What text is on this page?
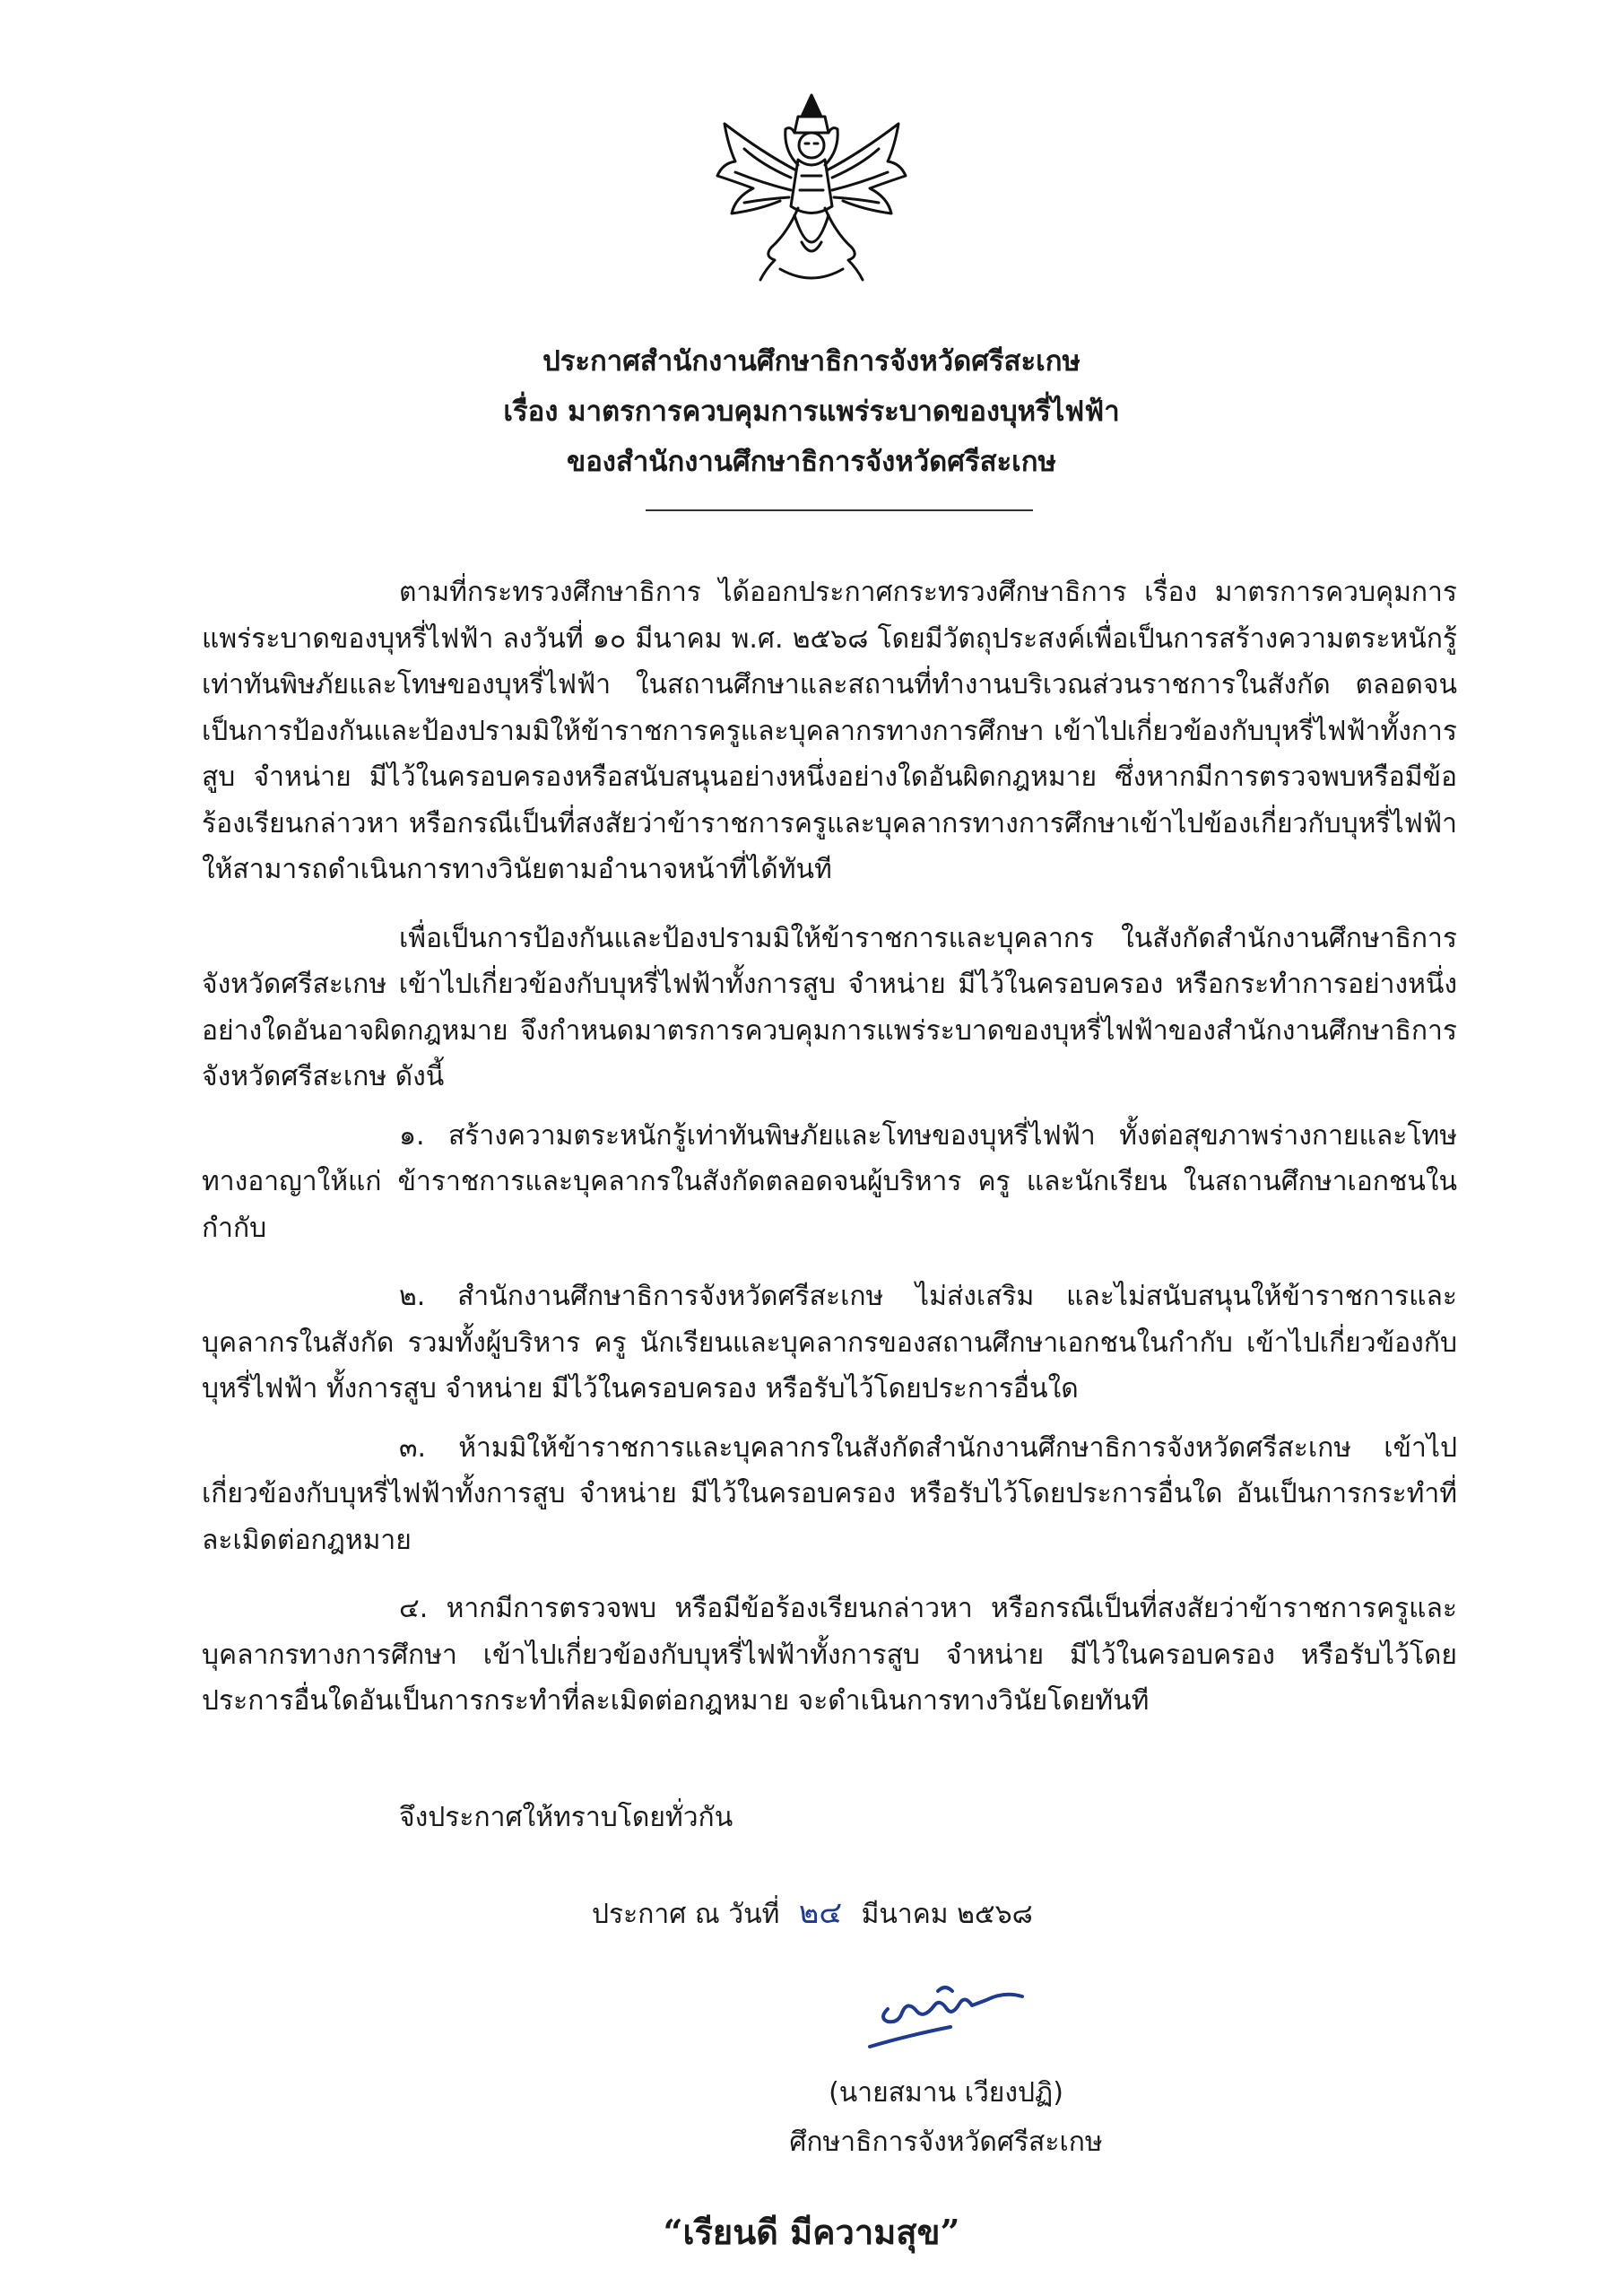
ประกาศสำนักงานศึกษาธิการจังหวัดศรีสะเกษ
เรื่อง มาตรการควบคุมการแพร่ระบาดของบุหรี่ไฟฟ้า
ของสำนักงานศึกษาธิการจังหวัดศรีสะเกษ

ตามที่กระทรวงศึกษาธิการ ได้ออกประกาศกระทรวงศึกษาธิการ เรื่อง มาตรการควบคุมการแพร่ระบาดของบุหรี่ไฟฟ้า ลงวันที่ ๑๐ มีนาคม พ.ศ. ๒๕๖๘ โดยมีวัตถุประสงค์เพื่อเป็นการสร้างความตระหนักรู้เท่าทันพิษภัยและโทษของบุหรี่ไฟฟ้า ในสถานศึกษาและสถานที่ทำงานบริเวณส่วนราชการในสังกัด ตลอดจนเป็นการป้องกันและป้องปรามมิให้ข้าราชการครูและบุคลากรทางการศึกษา เข้าไปเกี่ยวข้องกับบุหรี่ไฟฟ้าทั้งการสูบ จำหน่าย มีไว้ในครอบครองหรือสนับสนุนอย่างหนึ่งอย่างใดอันผิดกฎหมาย ซึ่งหากมีการตรวจพบหรือมีข้อร้องเรียนกล่าวหา หรือกรณีเป็นที่สงสัยว่าข้าราชการครูและบุคลากรทางการศึกษาเข้าไปข้องเกี่ยวกับบุหรี่ไฟฟ้า ให้สามารถดำเนินการทางวินัยตามอำนาจหน้าที่ได้ทันที

เพื่อเป็นการป้องกันและป้องปรามมิให้ข้าราชการและบุคลากร ในสังกัดสำนักงานศึกษาธิการจังหวัดศรีสะเกษ เข้าไปเกี่ยวข้องกับบุหรี่ไฟฟ้าทั้งการสูบ จำหน่าย มีไว้ในครอบครอง หรือกระทำการอย่างหนึ่งอย่างใดอันอาจผิดกฎหมาย จึงกำหนดมาตรการควบคุมการแพร่ระบาดของบุหรี่ไฟฟ้าของสำนักงานศึกษาธิการจังหวัดศรีสะเกษ ดังนี้

๑. สร้างความตระหนักรู้เท่าทันพิษภัยและโทษของบุหรี่ไฟฟ้า ทั้งต่อสุขภาพร่างกายและโทษทางอาญาให้แก่ ข้าราชการและบุคลากรในสังกัดตลอดจนผู้บริหาร ครู และนักเรียน ในสถานศึกษาเอกชนในกำกับ

๒. สำนักงานศึกษาธิการจังหวัดศรีสะเกษ ไม่ส่งเสริม และไม่สนับสนุนให้ข้าราชการและบุคลากรในสังกัด รวมทั้งผู้บริหาร ครู นักเรียนและบุคลากรของสถานศึกษาเอกชนในกำกับ เข้าไปเกี่ยวข้องกับบุหรี่ไฟฟ้า ทั้งการสูบ จำหน่าย มีไว้ในครอบครอง หรือรับไว้โดยประการอื่นใด

๓. ห้ามมิให้ข้าราชการและบุคลากรในสังกัดสำนักงานศึกษาธิการจังหวัดศรีสะเกษ เข้าไปเกี่ยวข้องกับบุหรี่ไฟฟ้าทั้งการสูบ จำหน่าย มีไว้ในครอบครอง หรือรับไว้โดยประการอื่นใด อันเป็นการกระทำที่ละเมิดต่อกฎหมาย

๔. หากมีการตรวจพบ หรือมีข้อร้องเรียนกล่าวหา หรือกรณีเป็นที่สงสัยว่าข้าราชการครูและบุคลากรทางการศึกษา เข้าไปเกี่ยวข้องกับบุหรี่ไฟฟ้าทั้งการสูบ จำหน่าย มีไว้ในครอบครอง หรือรับไว้โดยประการอื่นใดอันเป็นการกระทำที่ละเมิดต่อกฎหมาย จะดำเนินการทางวินัยโดยทันที

จึงประกาศให้ทราบโดยทั่วกัน
ประกาศ ณ วันที่ ๒๔ มีนาคม ๒๕๖๘
(นายสมาน เวียงปฏิ)
ศึกษาธิการจังหวัดศรีสะเกษ
“เรียนดี มีความสุข”
